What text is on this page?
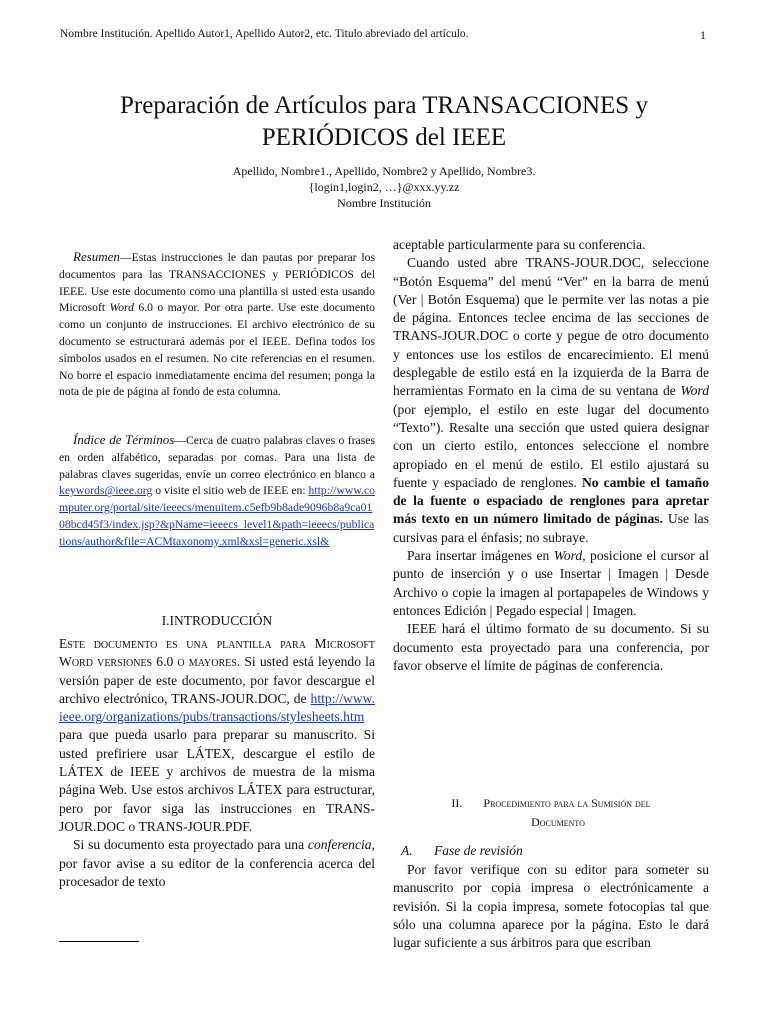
Nombre Institución. Apellido Autor1, Apellido Autor2, etc. Titulo abreviado del artículo.	1
Preparación de Artículos para TRANSACCIONES y
PERIÓDICOS del IEEE
Apellido, Nombre1., Apellido, Nombre2 y Apellido, Nombre3.
{login1,login2, …}@xxx.yy.zz
Nombre Institución

Resumen—Estas instrucciones le dan pautas por preparar los documentos para las TRANSACCIONES y PERIÓDICOS del IEEE. Use este documento como una plantilla si usted esta usando Microsoft Word 6.0 o mayor. Por otra parte. Use este documento como un conjunto de instrucciones. El archivo electrónico de su documento se estructurará además por el IEEE. Defina todos los símbolos usados en el resumen. No cite referencias en el resumen. No borre el espacio inmediatamente encima del resumen; ponga la nota de pie de página al fondo de esta columna.

Índice de Términos—Cerca de cuatro palabras claves o frases en orden alfabético, separadas por comas. Para una lista de palabras claves sugeridas, envíe un correo electrónico en blanco a keywords@ieee.org o visite el sitio web de IEEE en: http://www.computer.org/portal/site/ieeecs/menuitem.c5efb9b8ade9096b8a9ca0108bcd45f3/index.jsp?&pName=ieeecs_level1&path=ieeecs/publications/author&file=ACMtaxonomy.xml&xsl=generic.xsl&

I.INTRODUCCIÓN

Este documento es una plantilla para Microsoft Word versiones 6.0 o mayores. Si usted está leyendo la versión paper de este documento, por favor descargue el archivo electrónico, TRANS-JOUR.DOC, de http://www.ieee.org/organizations/pubs/transactions/stylesheets.htm para que pueda usarlo para preparar su manuscrito. Si usted prefiriere usar LÁTEX, descargue el estilo de LÁTEX de IEEE y archivos de muestra de la misma página Web. Use estos archivos LÁTEX para estructurar, pero por favor siga las instrucciones en TRANS-JOUR.DOC o TRANS-JOUR.PDF.

Si su documento esta proyectado para una conferencia, por favor avise a su editor de la conferencia acerca del procesador de texto

aceptable particularmente para su conferencia.

Cuando usted abre TRANS-JOUR.DOC, seleccione “Botón Esquema” del menú “Ver” en la barra de menú (Ver | Botón Esquema) que le permite ver las notas a pie de página. Entonces teclee encima de las secciones de TRANS-JOUR.DOC o corte y pegue de otro documento y entonces use los estilos de encarecimiento. El menú desplegable de estilo está en la izquierda de la Barra de herramientas Formato en la cima de su ventana de Word (por ejemplo, el estilo en este lugar del documento “Texto”). Resalte una sección que usted quiera designar con un cierto estilo, entonces seleccione el nombre apropiado en el menú de estilo. El estilo ajustará su fuente y espaciado de renglones. No cambie el tamaño de la fuente o espaciado de renglones para apretar más texto en un número limitado de páginas. Use las cursivas para el énfasis; no subraye.

Para insertar imágenes en Word, posicione el cursor al punto de inserción y o use Insertar | Imagen | Desde Archivo o copie la imagen al portapapeles de Windows y entonces Edición | Pegado especial | Imagen.

IEEE hará el último formato de su documento. Si su documento esta proyectado para una conferencia, por favor observe el límite de páginas de conferencia.

II. Procedimiento para la Sumisión del
Documento
A. Fase de revisión

Por favor verifique con su editor para someter su manuscrito por copia impresa o electrónicamente a revisión. Si la copia impresa, somete fotocopias tal que sólo una columna aparece por la página. Esto le dará lugar suficiente a sus árbitros para que escriban
